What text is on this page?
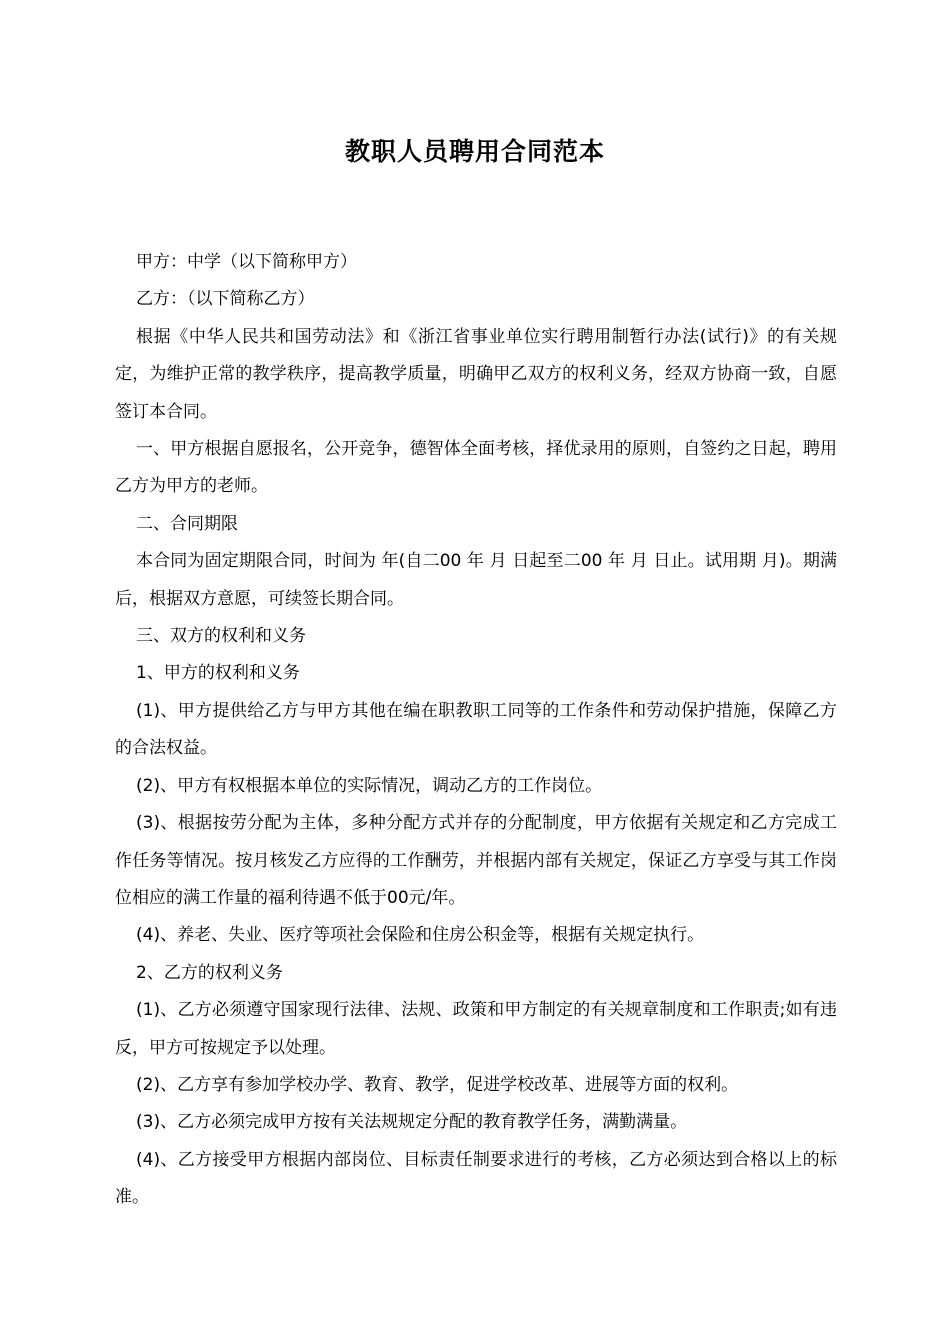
教职人员聘用合同范本

甲方：中学（以下简称甲方）

乙方：（以下简称乙方）

根据《中华人民共和国劳动法》和《浙江省事业单位实行聘用制暂行办法(试行)》的有关规定，为维护正常的教学秩序，提高教学质量，明确甲乙双方的权利义务，经双方协商一致，自愿签订本合同。

一、甲方根据自愿报名，公开竞争，德智体全面考核，择优录用的原则，自签约之日起，聘用乙方为甲方的老师。

二、合同期限

本合同为固定期限合同，时间为 年(自二00 年 月 日起至二00 年 月 日止。试用期 月)。期满后，根据双方意愿，可续签长期合同。

三、双方的权利和义务

1、甲方的权利和义务

(1)、甲方提供给乙方与甲方其他在编在职教职工同等的工作条件和劳动保护措施，保障乙方的合法权益。

(2)、甲方有权根据本单位的实际情况，调动乙方的工作岗位。

(3)、根据按劳分配为主体，多种分配方式并存的分配制度，甲方依据有关规定和乙方完成工作任务等情况。按月核发乙方应得的工作酬劳，并根据内部有关规定，保证乙方享受与其工作岗位相应的满工作量的福利待遇不低于00元/年。

(4)、养老、失业、医疗等项社会保险和住房公积金等，根据有关规定执行。

2、乙方的权利义务

(1)、乙方必须遵守国家现行法律、法规、政策和甲方制定的有关规章制度和工作职责;如有违反，甲方可按规定予以处理。

(2)、乙方享有参加学校办学、教育、教学，促进学校改革、进展等方面的权利。

(3)、乙方必须完成甲方按有关法规规定分配的教育教学任务，满勤满量。

(4)、乙方接受甲方根据内部岗位、目标责任制要求进行的考核，乙方必须达到合格以上的标准。
